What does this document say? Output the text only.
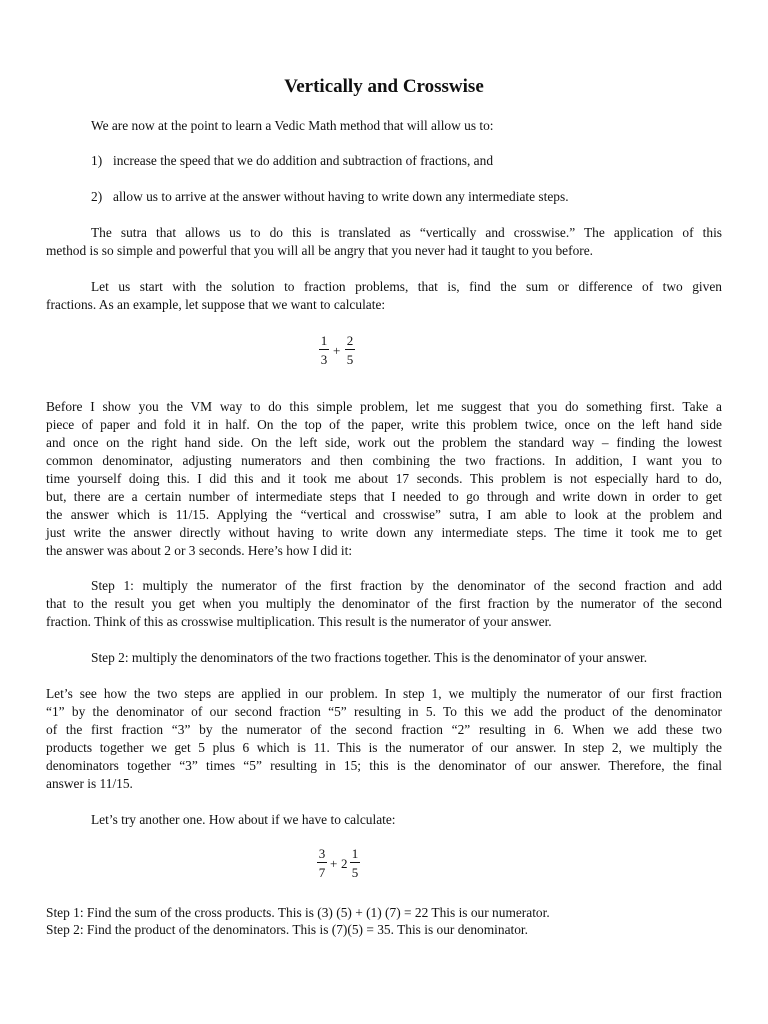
Vertically and Crosswise
We are now at the point to learn a Vedic Math method that will allow us to:
1) increase the speed that we do addition and subtraction of fractions, and
2) allow us to arrive at the answer without having to write down any intermediate steps.
The sutra that allows us to do this is translated as “vertically and crosswise.” The application of this
method is so simple and powerful that you will all be angry that you never had it taught to you before.
Let us start with the solution to fraction problems, that is, find the sum or difference of two given
fractions. As an example, let suppose that we want to calculate:
1
3
+
2
5
Before I show you the VM way to do this simple problem, let me suggest that you do something first. Take a
piece of paper and fold it in half. On the top of the paper, write this problem twice, once on the left hand side
and once on the right hand side. On the left side, work out the problem the standard way – finding the lowest
common denominator, adjusting numerators and then combining the two fractions. In addition, I want you to
time yourself doing this. I did this and it took me about 17 seconds. This problem is not especially hard to do,
but, there are a certain number of intermediate steps that I needed to go through and write down in order to get
the answer which is 11/15. Applying the “vertical and crosswise” sutra, I am able to look at the problem and
just write the answer directly without having to write down any intermediate steps. The time it took me to get
the answer was about 2 or 3 seconds. Here’s how I did it:
Step 1: multiply the numerator of the first fraction by the denominator of the second fraction and add
that to the result you get when you multiply the denominator of the first fraction by the numerator of the second
fraction. Think of this as crosswise multiplication. This result is the numerator of your answer.
Step 2: multiply the denominators of the two fractions together. This is the denominator of your answer.
Let’s see how the two steps are applied in our problem. In step 1, we multiply the numerator of our first fraction
“1” by the denominator of our second fraction “5” resulting in 5. To this we add the product of the denominator
of the first fraction “3” by the numerator of the second fraction “2” resulting in 6. When we add these two
products together we get 5 plus 6 which is 11. This is the numerator of our answer. In step 2, we multiply the
denominators together “3” times “5” resulting in 15; this is the denominator of our answer. Therefore, the final
answer is 11/15.
Let’s try another one. How about if we have to calculate:
3
7
+ 2
1
5
Step 1: Find the sum of the cross products. This is (3) (5) + (1) (7) = 22 This is our numerator.
Step 2: Find the product of the denominators. This is (7)(5) = 35. This is our denominator.
